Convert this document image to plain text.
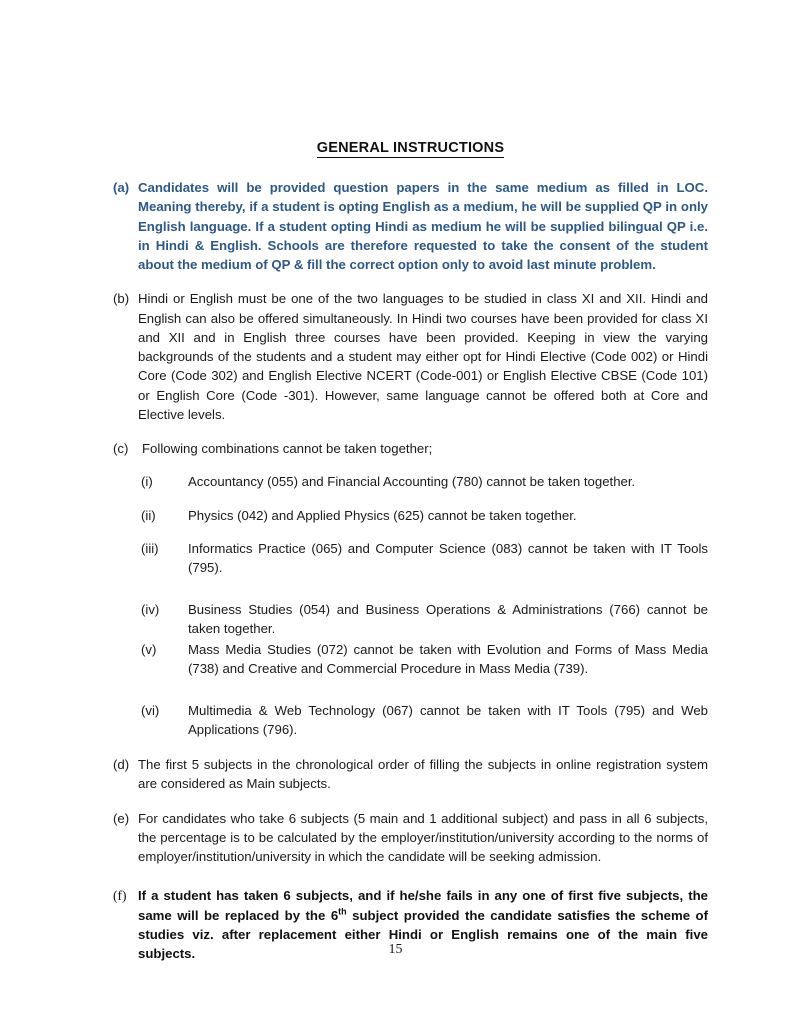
GENERAL INSTRUCTIONS
(a) Candidates will be provided question papers in the same medium as filled in LOC. Meaning thereby, if a student is opting English as a medium, he will be supplied QP in only English language. If a student opting Hindi as medium he will be supplied bilingual QP i.e. in Hindi & English. Schools are therefore requested to take the consent of the student about the medium of QP & fill the correct option only to avoid last minute problem.
(b) Hindi or English must be one of the two languages to be studied in class XI and XII. Hindi and English can also be offered simultaneously. In Hindi two courses have been provided for class XI and XII and in English three courses have been provided. Keeping in view the varying backgrounds of the students and a student may either opt for Hindi Elective (Code 002) or Hindi Core (Code 302) and English Elective NCERT (Code-001) or English Elective CBSE (Code 101) or English Core (Code -301). However, same language cannot be offered both at Core and Elective levels.
(c)	Following combinations cannot be taken together;
(i)	Accountancy (055) and Financial Accounting (780) cannot be taken together.
(ii)	Physics (042) and Applied Physics (625) cannot be taken together.
(iii)	Informatics Practice (065) and Computer Science (083) cannot be taken with IT Tools (795).
(iv)	Business Studies (054) and Business Operations & Administrations (766) cannot be taken together.
(v)	Mass Media Studies (072) cannot be taken with Evolution and Forms of Mass Media (738) and Creative and Commercial Procedure in Mass Media (739).
(vi)	Multimedia & Web Technology (067) cannot be taken with IT Tools (795) and Web Applications (796).
(d) The first 5 subjects in the chronological order of filling the subjects in online registration system are considered as Main subjects.
(e) For candidates who take 6 subjects (5 main and 1 additional subject) and pass in all 6 subjects, the percentage is to be calculated by the employer/institution/university according to the norms of employer/institution/university in which the candidate will be seeking admission.
(f) If a student has taken 6 subjects, and if he/she fails in any one of first five subjects, the same will be replaced by the 6th subject provided the candidate satisfies the scheme of studies viz. after replacement either Hindi or English remains one of the main five subjects.	15
